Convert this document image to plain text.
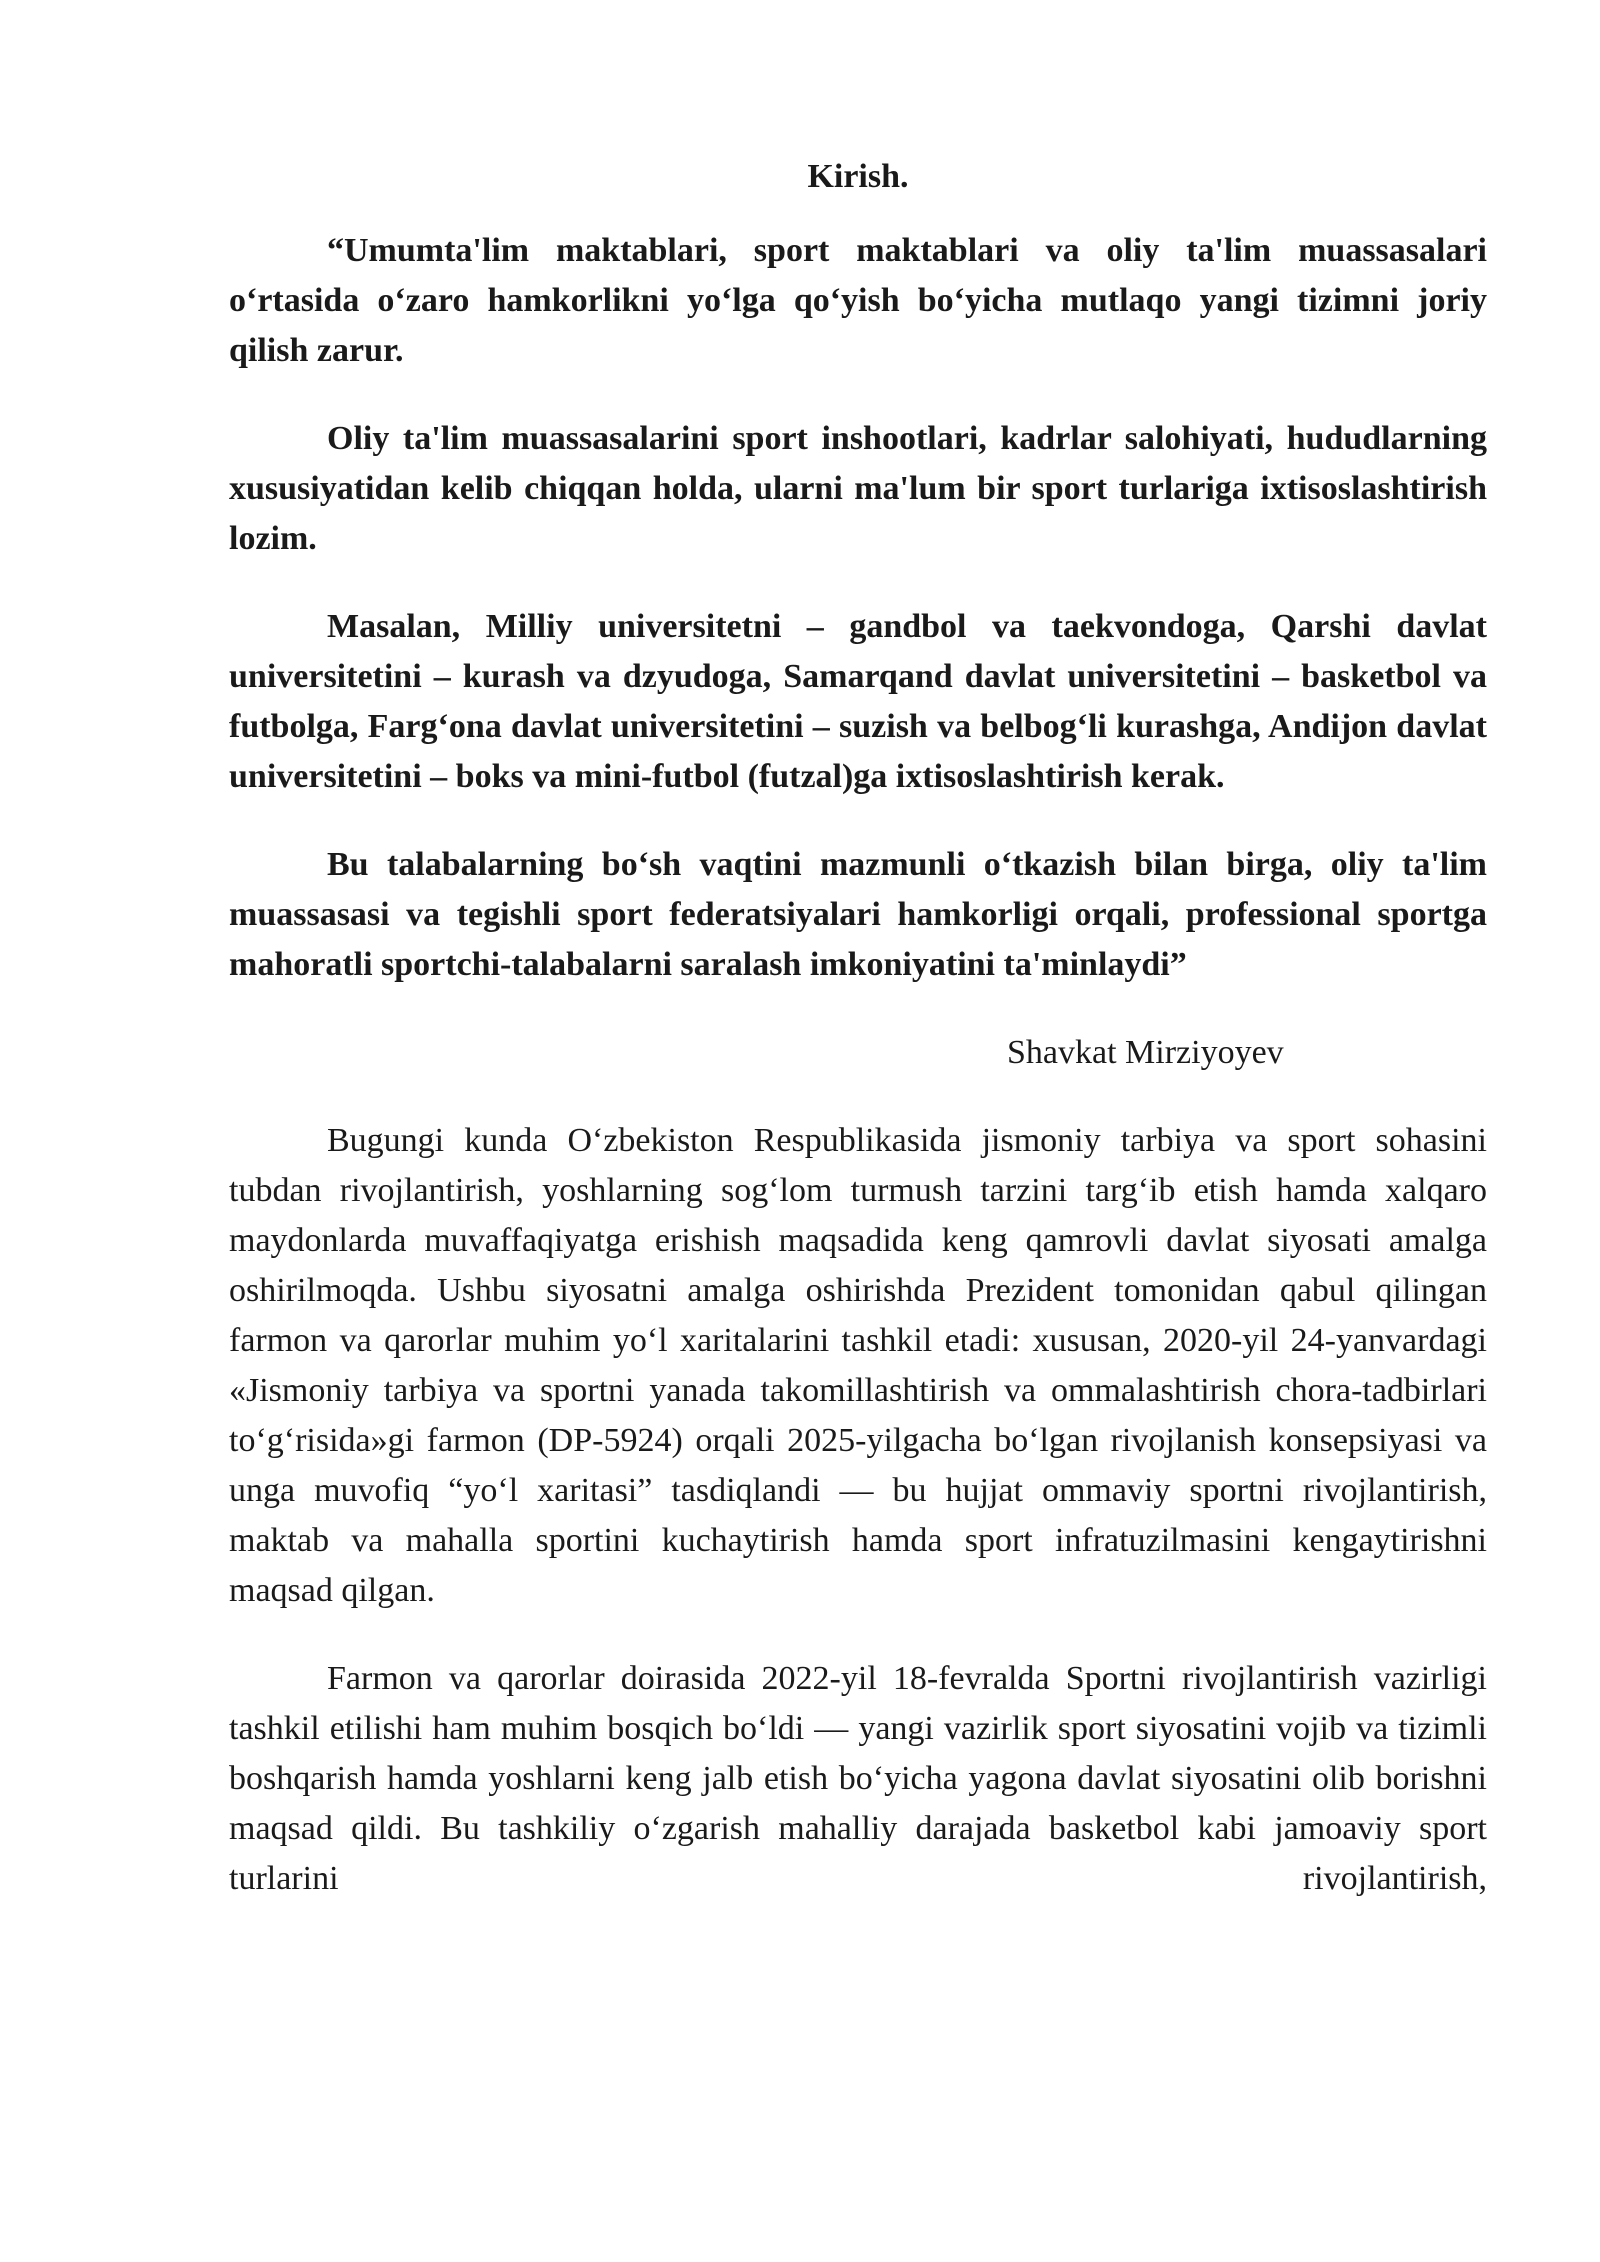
Kirish.
“Umumta'lim maktablari, sport maktablari va oliy ta'lim muassasalari o‘rtasida o‘zaro hamkorlikni yo‘lga qo‘yish bo‘yicha mutlaqo yangi tizimni joriy qilish zarur.
Oliy ta'lim muassasalarini sport inshootlari, kadrlar salohiyati, hududlarning xususiyatidan kelib chiqqan holda, ularni ma'lum bir sport turlariga ixtisoslashtirish lozim.
Masalan, Milliy universitetni – gandbol va taekvondoga, Qarshi davlat universitetini – kurash va dzyudoga, Samarqand davlat universitetini – basketbol va futbolga, Farg‘ona davlat universitetini – suzish va belbog‘li kurashga, Andijon davlat universitetini – boks va mini-futbol (futzal)ga ixtisoslashtirish kerak.
Bu talabalarning bo‘sh vaqtini mazmunli o‘tkazish bilan birga, oliy ta'lim muassasasi va tegishli sport federatsiyalari hamkorligi orqali, professional sportga mahoratli sportchi-talabalarni saralash imkoniyatini ta'minlaydi”
Shavkat Mirziyoyev
Bugungi kunda O‘zbekiston Respublikasida jismoniy tarbiya va sport sohasini tubdan rivojlantirish, yoshlarning sog‘lom turmush tarzini targ‘ib etish hamda xalqaro maydonlarda muvaffaqiyatga erishish maqsadida keng qamrovli davlat siyosati amalga oshirilmoqda. Ushbu siyosatni amalga oshirishda Prezident tomonidan qabul qilingan farmon va qarorlar muhim yo‘l xaritalarini tashkil etadi: xususan, 2020-yil 24-yanvardagi «Jismoniy tarbiya va sportni yanada takomillashtirish va ommalashtirish chora-tadbirlari to‘g‘risida»gi farmon (DP-5924) orqali 2025-yilgacha bo‘lgan rivojlanish konsepsiyasi va unga muvofiq “yo‘l xaritasi” tasdiqlandi — bu hujjat ommaviy sportni rivojlantirish, maktab va mahalla sportini kuchaytirish hamda sport infratuzilmasini kengaytirishni maqsad qilgan.
Farmon va qarorlar doirasida 2022-yil 18-fevralda Sportni rivojlantirish vazirligi tashkil etilishi ham muhim bosqich bo‘ldi — yangi vazirlik sport siyosatini vojib va tizimli boshqarish hamda yoshlarni keng jalb etish bo‘yicha yagona davlat siyosatini olib borishni maqsad qildi. Bu tashkiliy o‘zgarish mahalliy darajada basketbol kabi jamoaviy sport turlarini rivojlantirish,
